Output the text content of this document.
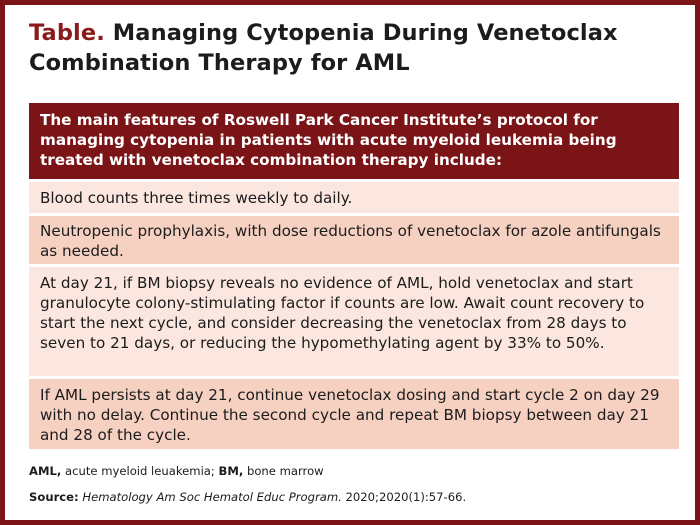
Table. Managing Cytopenia During Venetoclax Combination Therapy for AML
The main features of Roswell Park Cancer Institute’s protocol for managing cytopenia in patients with acute myeloid leukemia being treated with venetoclax combination therapy include:
Blood counts three times weekly to daily.
Neutropenic prophylaxis, with dose reductions of venetoclax for azole antifungals as needed.
At day 21, if BM biopsy reveals no evidence of AML, hold venetoclax and start granulocyte colony-stimulating factor if counts are low. Await count recovery to start the next cycle, and consider decreasing the venetoclax from 28 days to seven to 21 days, or reducing the hypomethylating agent by 33% to 50%.
If AML persists at day 21, continue venetoclax dosing and start cycle 2 on day 29 with no delay. Continue the second cycle and repeat BM biopsy between day 21 and 28 of the cycle.
AML, acute myeloid leuakemia; BM, bone marrow
Source: Hematology Am Soc Hematol Educ Program. 2020;2020(1):57-66.
